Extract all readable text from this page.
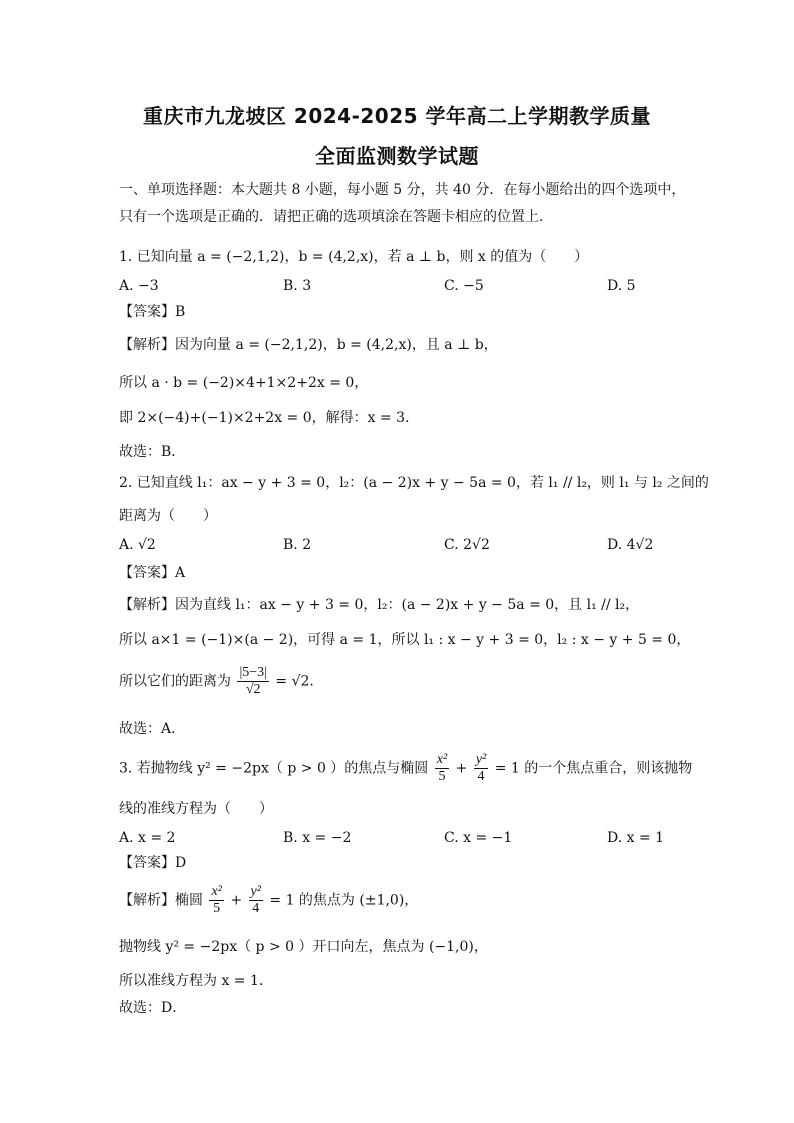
重庆市九龙坡区 2024-2025 学年高二上学期教学质量
全面监测数学试题
一、单项选择题：本大题共 8 小题，每小题 5 分，共 40 分．在每小题给出的四个选项中，
只有一个选项是正确的．请把正确的选项填涂在答题卡相应的位置上．
1. 已知向量 a = (−2,1,2)，b = (4,2,x)，若 a ⊥ b，则 x 的值为（　　）
A. −3	B. 3	C. −5	D. 5
【答案】B
【解析】因为向量 a = (−2,1,2)，b = (4,2,x)，且 a ⊥ b，
所以 a · b = (−2)×4+1×2+2x = 0，
即 2×(−4)+(−1)×2+2x = 0，解得：x = 3．
故选：B．
2. 已知直线 l₁：ax − y + 3 = 0，l₂：(a − 2)x + y − 5a = 0，若 l₁ // l₂，则 l₁ 与 l₂ 之间的
距离为（　　）
A. √2	B. 2	C. 2√2	D. 4√2
【答案】A
【解析】因为直线 l₁：ax − y + 3 = 0，l₂：(a − 2)x + y − 5a = 0，且 l₁ // l₂，
所以 a×1 = (−1)×(a − 2)，可得 a = 1，所以 l₁ : x − y + 3 = 0，l₂ : x − y + 5 = 0，
所以它们的距离为 $\frac{|5-3|}{√2} = √2$．
故选：A．
3. 若抛物线 y² = −2px（ p > 0 ）的焦点与椭圆 $\frac{\text{x²}}{5} + \frac{\text{y²}}{4} = 1$ 的一个焦点重合，则该抛物
线的准线方程为（　　）
A. x = 2	B. x = −2	C. x = −1	D. x = 1
【答案】D
【解析】椭圆 $\frac{\text{x²}}{5} + \frac{\text{y²}}{4} = 1$ 的焦点为 (±1,0)，
抛物线 y² = −2px（ p > 0 ）开口向左，焦点为 (−1,0)，
所以准线方程为 x = 1．
故选：D．
